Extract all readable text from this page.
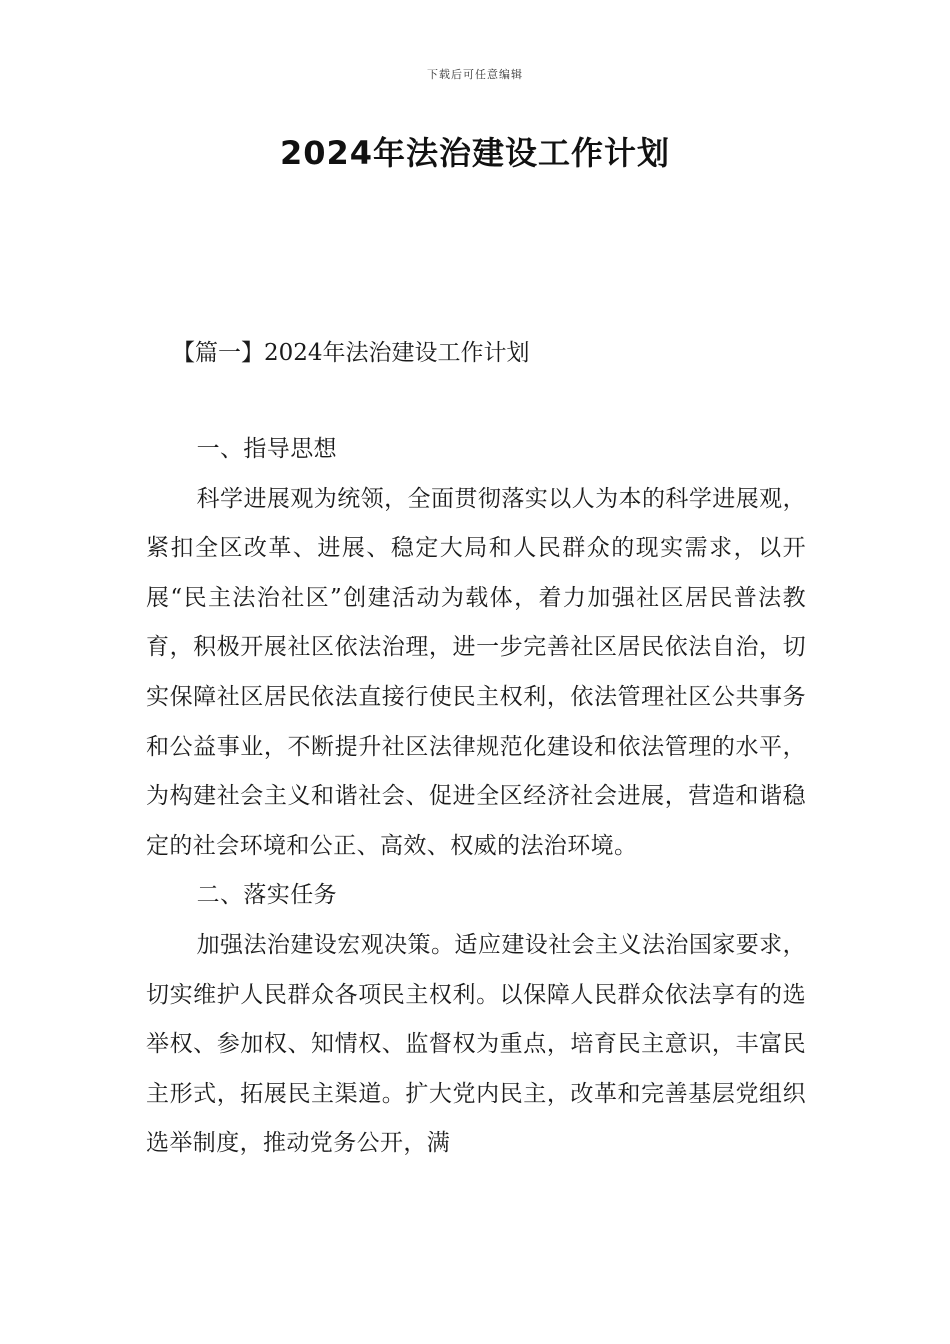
下载后可任意编辑
2024年法治建设工作计划
【篇一】2024年法治建设工作计划

一、指导思想

科学进展观为统领，全面贯彻落实以人为本的科学进展观，紧扣全区改革、进展、稳定大局和人民群众的现实需求，以开展“民主法治社区”创建活动为载体，着力加强社区居民普法教育，积极开展社区依法治理，进一步完善社区居民依法自治，切实保障社区居民依法直接行使民主权利，依法管理社区公共事务和公益事业，不断提升社区法律规范化建设和依法管理的水平，为构建社会主义和谐社会、促进全区经济社会进展，营造和谐稳定的社会环境和公正、高效、权威的法治环境。

二、落实任务

加强法治建设宏观决策。适应建设社会主义法治国家要求，切实维护人民群众各项民主权利。以保障人民群众依法享有的选举权、参加权、知情权、监督权为重点，培育民主意识，丰富民主形式，拓展民主渠道。扩大党内民主，改革和完善基层党组织选举制度，推动党务公开，满
